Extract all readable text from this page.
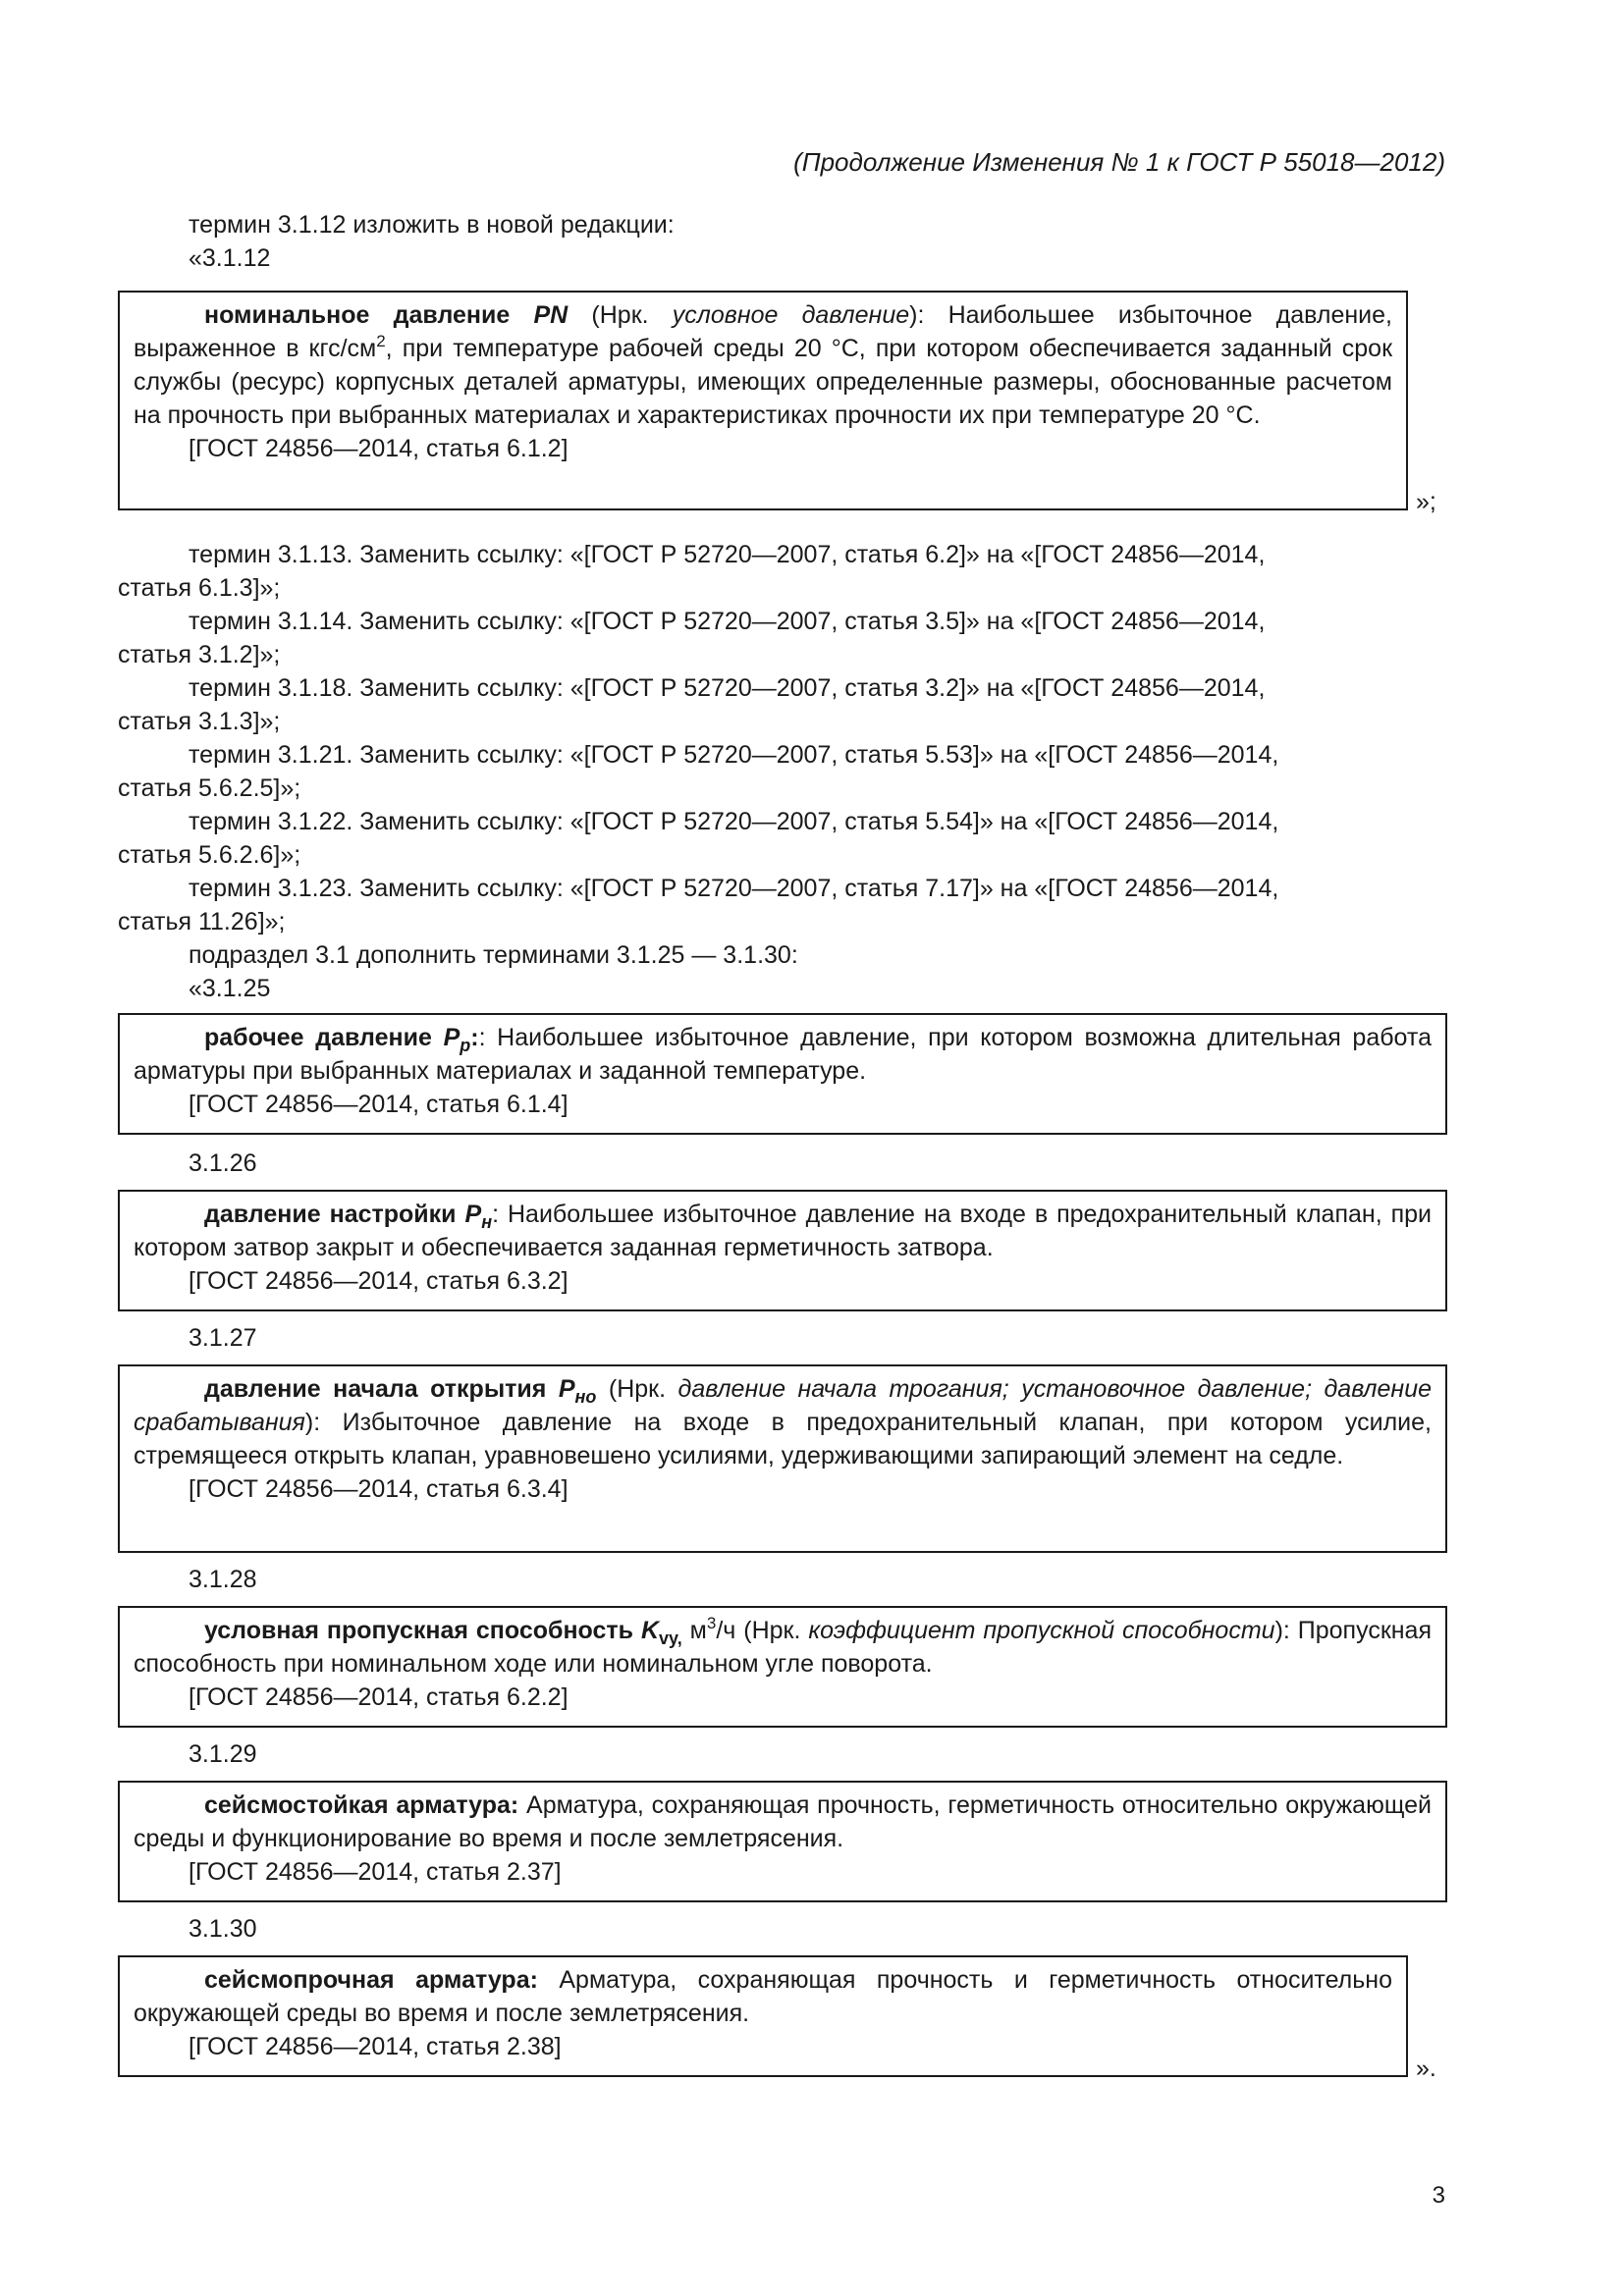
(Продолжение Изменения № 1 к ГОСТ Р 55018—2012)

термин 3.1.12 изложить в новой редакции:

«3.1.12

номинальное давление PN (Нрк. условное давление): Наибольшее избыточное давление, выраженное в кгс/$см^2$, при температуре рабочей среды 20 °С, при котором обеспечивается заданный срок службы (ресурс) корпусных деталей арматуры, имеющих определенные размеры, обоснованные расчетом на прочность при выбранных материалах и характеристиках прочности их при температуре 20 °С.

[ГОСТ 24856—2014, статья 6.1.2]

»;

термин 3.1.13. Заменить ссылку: «[ГОСТ Р 52720—2007, статья 6.2]» на «[ГОСТ 24856—2014,

статья 6.1.3]»;

термин 3.1.14. Заменить ссылку: «[ГОСТ Р 52720—2007, статья 3.5]» на «[ГОСТ 24856—2014,

статья 3.1.2]»;

термин 3.1.18. Заменить ссылку: «[ГОСТ Р 52720—2007, статья 3.2]» на «[ГОСТ 24856—2014,

статья 3.1.3]»;

термин 3.1.21. Заменить ссылку: «[ГОСТ Р 52720—2007, статья 5.53]» на «[ГОСТ 24856—2014,

статья 5.6.2.5]»;

термин 3.1.22. Заменить ссылку: «[ГОСТ Р 52720—2007, статья 5.54]» на «[ГОСТ 24856—2014,

статья 5.6.2.6]»;

термин 3.1.23. Заменить ссылку: «[ГОСТ Р 52720—2007, статья 7.17]» на «[ГОСТ 24856—2014,

статья 11.26]»;

подраздел 3.1 дополнить терминами 3.1.25 — 3.1.30:

«3.1.25

рабочее давление $P_р$:: Наибольшее избыточное давление, при котором возможна длительная работа арматуры при выбранных материалах и заданной температуре.

[ГОСТ 24856—2014, статья 6.1.4]

3.1.26

давление настройки $P_н$: Наибольшее избыточное давление на входе в предохранительный клапан, при котором затвор закрыт и обеспечивается заданная герметичность затвора.

[ГОСТ 24856—2014, статья 6.3.2]

3.1.27

давление начала открытия $P_{но}$ (Нрк. давление начала трогания; установочное давление; давление срабатывания): Избыточное давление на входе в предохранительный клапан, при котором усилие, стремящееся открыть клапан, уравновешено усилиями, удерживающими запирающий элемент на седле.

[ГОСТ 24856—2014, статья 6.3.4]

3.1.28

условная пропускная способность $K_{vy,}$ $м^3/ч$ (Нрк. коэффициент пропускной способности): Пропускная способность при номинальном ходе или номинальном угле поворота.

[ГОСТ 24856—2014, статья 6.2.2]

3.1.29

сейсмостойкая арматура: Арматура, сохраняющая прочность, герметичность относительно окружающей среды и функционирование во время и после землетрясения.

[ГОСТ 24856—2014, статья 2.37]

3.1.30

сейсмопрочная арматура: Арматура, сохраняющая прочность и герметичность относительно окружающей среды во время и после землетрясения.

[ГОСТ 24856—2014, статья 2.38]

».
3
